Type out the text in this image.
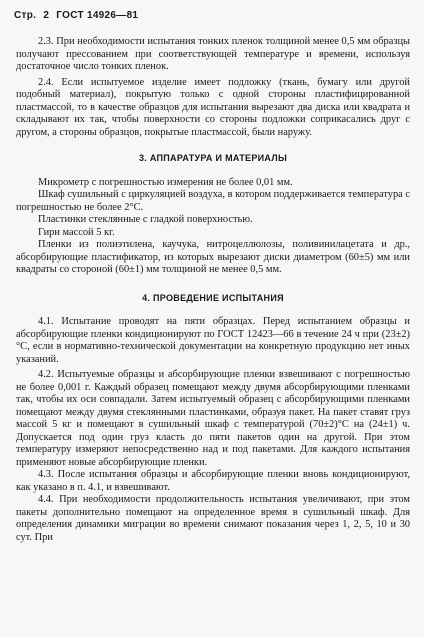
Стр. 2 ГОСТ 14926—81

2.3. При необходимости испытания тонких пленок толщиной менее 0,5 мм образцы получают прессованием при соответствующей температуре и времени, используя достаточное число тонких пленок.

2.4. Если испытуемое изделие имеет подложку (ткань, бумагу или другой подобный материал), покрытую только с одной стороны пластифицированной пластмассой, то в качестве образцов для испытания вырезают два диска или квадрата и складывают их так, чтобы поверхности со стороны подложки соприкасались друг с другом, а стороны образцов, покрытые пластмассой, были наружу.

3. АППАРАТУРА И МАТЕРИАЛЫ

Микрометр с погрешностью измерения не более 0,01 мм.

Шкаф сушильный с циркуляцией воздуха, в котором поддерживается температура с погрешностью не более 2°С.

Пластинки стеклянные с гладкой поверхностью.

Гири массой 5 кг.

Пленки из полиэтилена, каучука, нитроцеллюлозы, поливинилацетата и др., абсорбирующие пластификатор, из которых вырезают диски диаметром (60±5) мм или квадраты со стороной (60±1) мм толщиной не менее 0,5 мм.

4. ПРОВЕДЕНИЕ ИСПЫТАНИЯ

4.1. Испытание проводят на пяти образцах. Перед испытанием образцы и абсорбирующие пленки кондиционируют по ГОСТ 12423—66 в течение 24 ч при (23±2)°С, если в нормативно-технической документации на конкретную продукцию нет иных указаний.

4.2. Испытуемые образцы и абсорбирующие пленки взвешивают с погрешностью не более 0,001 г. Каждый образец помещают между двумя абсорбирующими пленками так, чтобы их оси совпадали. Затем испытуемый образец с абсорбирующими пленками помещают между двумя стеклянными пластинками, образуя пакет. На пакет ставят груз массой 5 кг и помещают в сушильный шкаф с температурой (70±2)°С на (24±1) ч. Допускается под один груз класть до пяти пакетов один на другой. При этом температуру измеряют непосредственно над и под пакетами. Для каждого испытания применяют новые абсорбирующие пленки.

4.3. После испытания образцы и абсорбирующие пленки вновь кондиционируют, как указано в п. 4.1, и взвешивают.

4.4. При необходимости продолжительность испытания увеличивают, при этом пакеты дополнительно помещают на определенное время в сушильный шкаф. Для определения динамики миграции во времени снимают показания через 1, 2, 5, 10 и 30 сут. При
